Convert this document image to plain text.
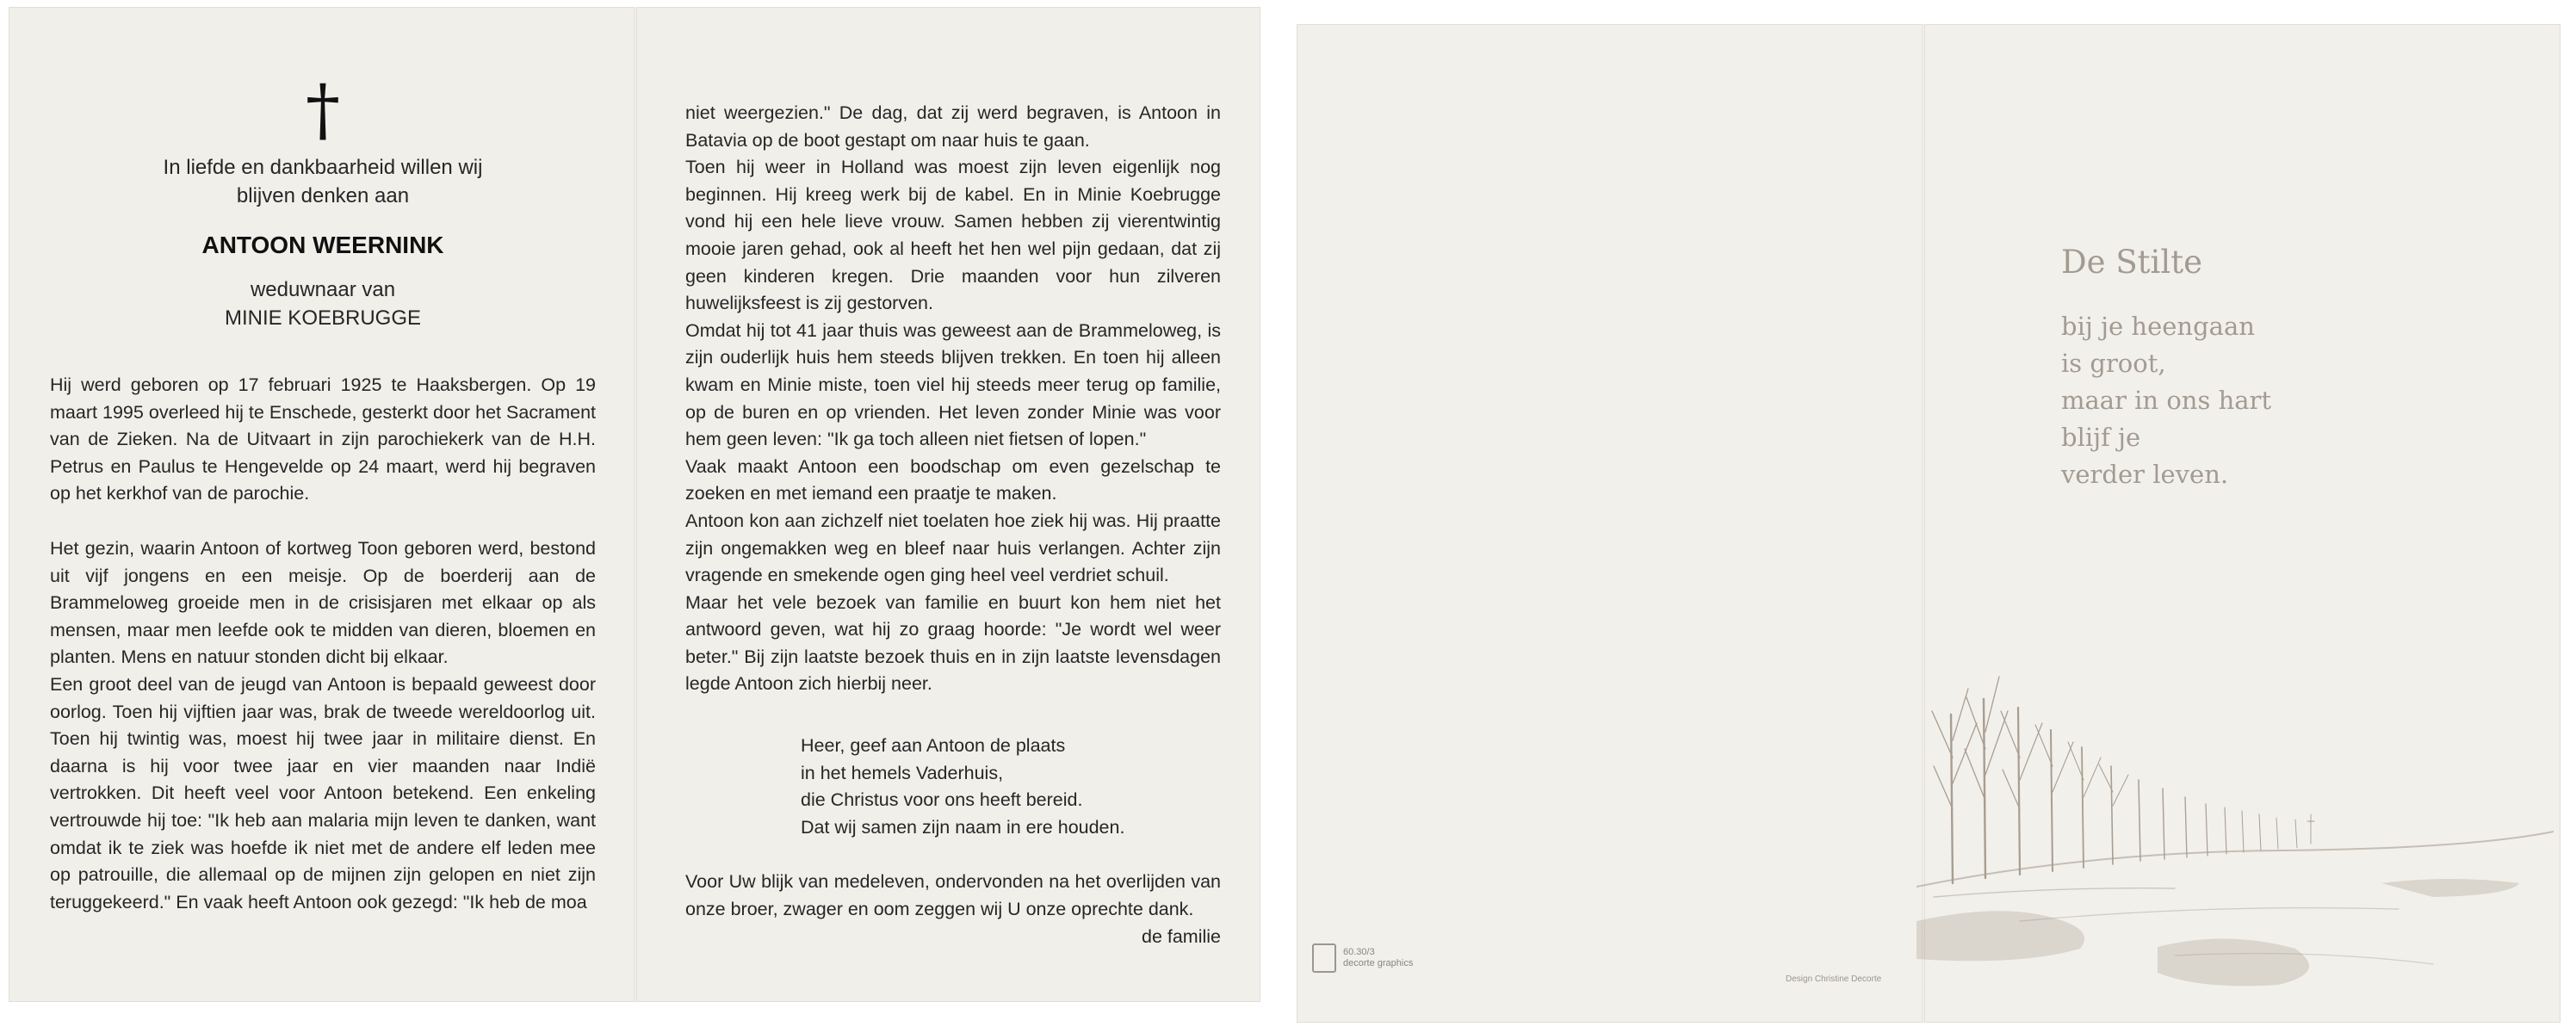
†
In liefde en dankbaarheid willen wij
blijven denken aan
ANTOON WEERNINK
weduwnaar van
MINIE KOEBRUGGE

Hij werd geboren op 17 februari 1925 te Haaksbergen. Op 19 maart 1995 overleed hij te Enschede, gesterkt door het Sacrament van de Zieken. Na de Uitvaart in zijn parochiekerk van de H.H. Petrus en Paulus te Hengevelde op 24 maart, werd hij begraven op het kerkhof van de parochie.

Het gezin, waarin Antoon of kortweg Toon geboren werd, bestond uit vijf jongens en een meisje. Op de boerderij aan de Brammeloweg groeide men in de crisisjaren met elkaar op als mensen, maar men leefde ook te midden van dieren, bloemen en planten. Mens en natuur stonden dicht bij elkaar.

Een groot deel van de jeugd van Antoon is bepaald geweest door oorlog. Toen hij vijftien jaar was, brak de tweede wereldoorlog uit. Toen hij twintig was, moest hij twee jaar in militaire dienst. En daarna is hij voor twee jaar en vier maanden naar Indië vertrokken. Dit heeft veel voor Antoon betekend. Een enkeling vertrouwde hij toe: "Ik heb aan malaria mijn leven te danken, want omdat ik te ziek was hoefde ik niet met de andere elf leden mee op patrouille, die allemaal op de mijnen zijn gelopen en niet zijn teruggekeerd." En vaak heeft Antoon ook gezegd: "Ik heb de moa

niet weergezien." De dag, dat zij werd begraven, is Antoon in Batavia op de boot gestapt om naar huis te gaan.

Toen hij weer in Holland was moest zijn leven eigenlijk nog beginnen. Hij kreeg werk bij de kabel. En in Minie Koebrugge vond hij een hele lieve vrouw. Samen hebben zij vierentwintig mooie jaren gehad, ook al heeft het hen wel pijn gedaan, dat zij geen kinderen kregen. Drie maanden voor hun zilveren huwelijksfeest is zij gestorven.

Omdat hij tot 41 jaar thuis was geweest aan de Brammeloweg, is zijn ouderlijk huis hem steeds blijven trekken. En toen hij alleen kwam en Minie miste, toen viel hij steeds meer terug op familie, op de buren en op vrienden. Het leven zonder Minie was voor hem geen leven: "Ik ga toch alleen niet fietsen of lopen."

Vaak maakt Antoon een boodschap om even gezelschap te zoeken en met iemand een praatje te maken.

Antoon kon aan zichzelf niet toelaten hoe ziek hij was. Hij praatte zijn ongemakken weg en bleef naar huis verlangen. Achter zijn vragende en smekende ogen ging heel veel verdriet schuil.

Maar het vele bezoek van familie en buurt kon hem niet het antwoord geven, wat hij zo graag hoorde: "Je wordt wel weer beter." Bij zijn laatste bezoek thuis en in zijn laatste levensdagen legde Antoon zich hierbij neer.

Heer, geef aan Antoon de plaats
in het hemels Vaderhuis,
die Christus voor ons heeft bereid.
Dat wij samen zijn naam in ere houden.

Voor Uw blijk van medeleven, ondervonden na het overlijden van onze broer, zwager en oom zeggen wij U onze oprechte dank.

de familie
De Stilte
bij je heengaan
is groot,
maar in ons hart
blijf je
verder leven.
60.30/3
decorte graphics
Design Christine Decorte
